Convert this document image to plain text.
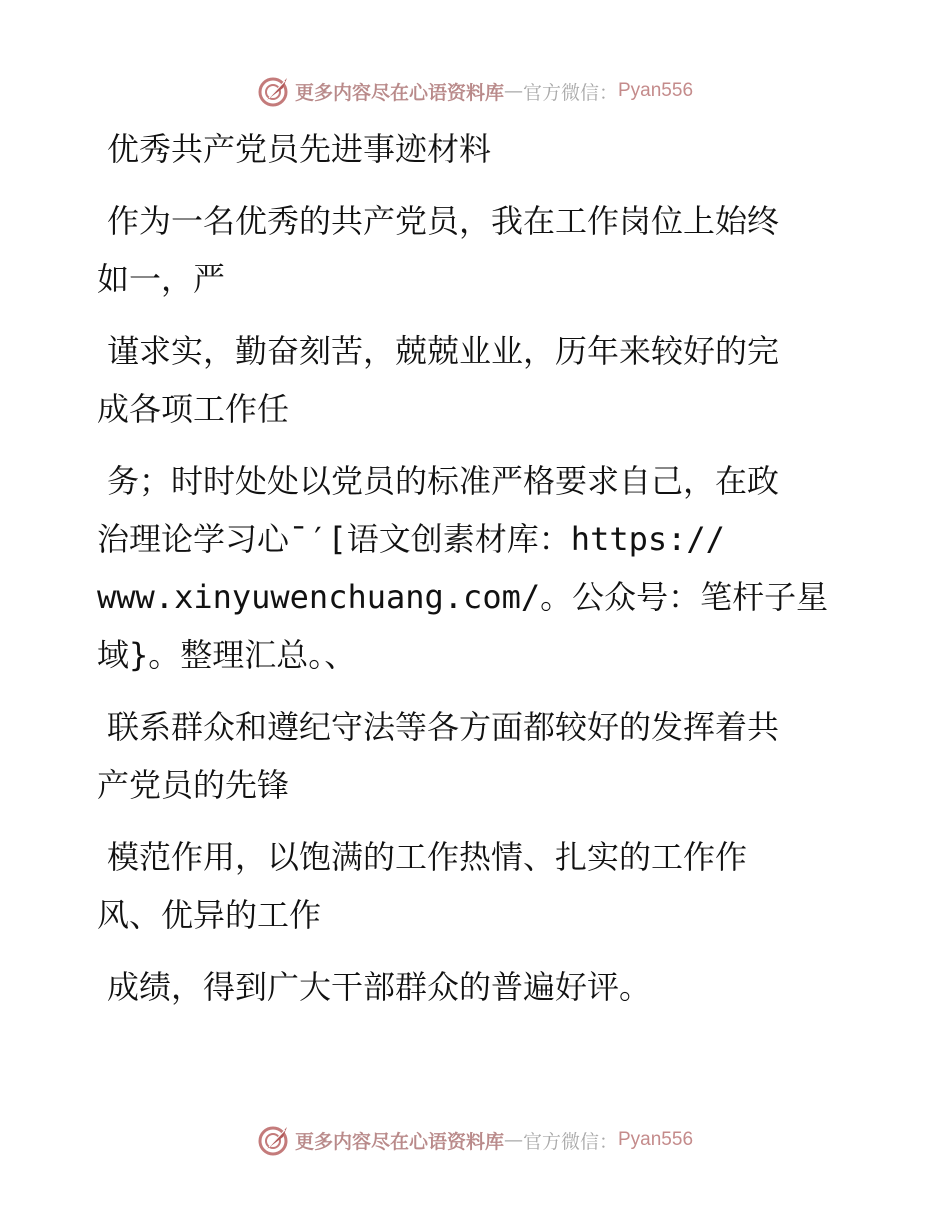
更多内容尽在心语资料库 — 官方微信： Pyan556
优秀共产党员先进事迹材料
作为一名优秀的共产党员，我在工作岗位上始终
如一，严
谨求实，勤奋刻苦，兢兢业业，历年来较好的完
成各项工作任
务；时时处处以党员的标准严格要求自己，在政
治理论学习心¯′[语文创素材库：https://
www.xinyuwenchuang.com/。公众号：笔杆子星
域}。整理汇总。、
联系群众和遵纪守法等各方面都较好的发挥着共
产党员的先锋
模范作用，以饱满的工作热情、扎实的工作作
风、优异的工作
成绩，得到广大干部群众的普遍好评。
更多内容尽在心语资料库 — 官方微信： Pyan556
